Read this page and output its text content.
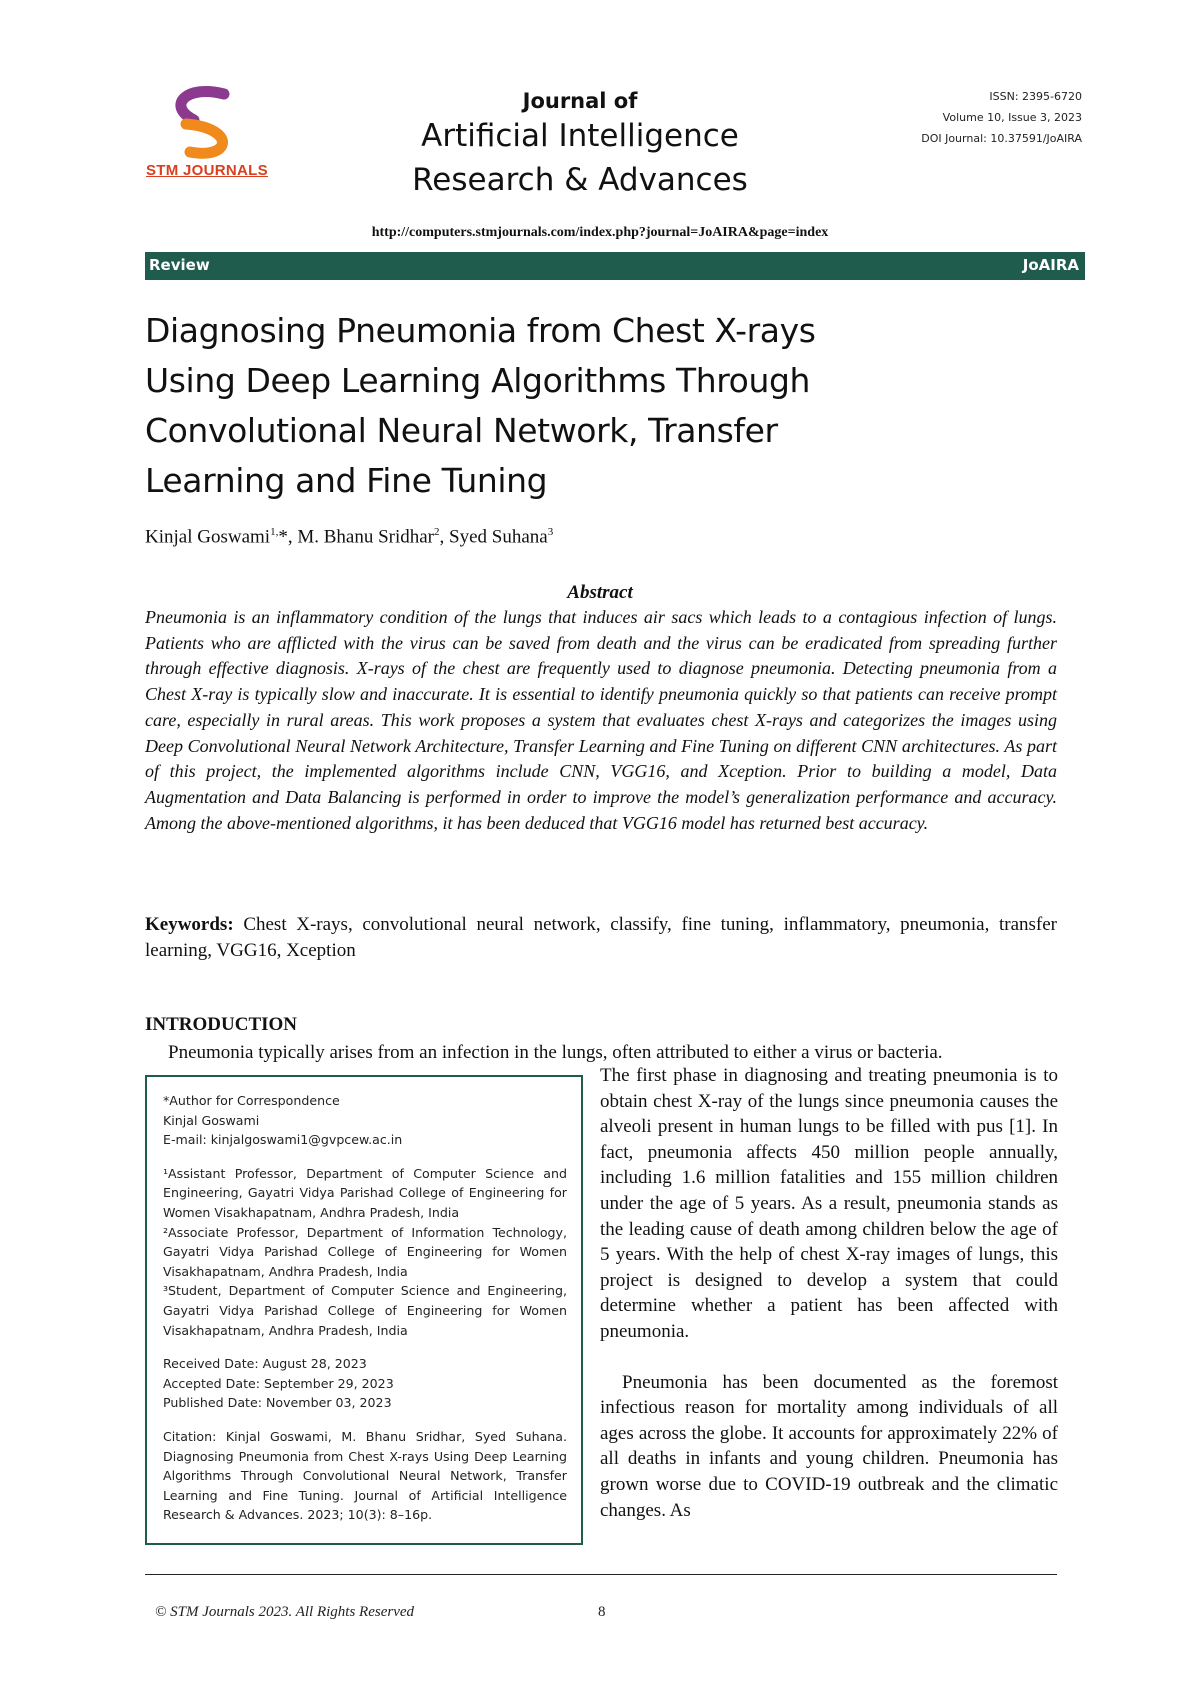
STM JOURNALS
Journal of
Artificial Intelligence
Research & Advances
ISSN: 2395-6720
Volume 10, Issue 3, 2023
DOI Journal: 10.37591/JoAIRA
http://computers.stmjournals.com/index.php?journal=JoAIRA&page=index
Review	JoAIRA
Diagnosing Pneumonia from Chest X-rays Using Deep Learning Algorithms Through Convolutional Neural Network, Transfer Learning and Fine Tuning
Kinjal Goswami$^{1,}$*, M. Bhanu Sridhar$^2$, Syed Suhana$^3$
Abstract
Pneumonia is an inflammatory condition of the lungs that induces air sacs which leads to a contagious infection of lungs. Patients who are afflicted with the virus can be saved from death and the virus can be eradicated from spreading further through effective diagnosis. X-rays of the chest are frequently used to diagnose pneumonia. Detecting pneumonia from a Chest X-ray is typically slow and inaccurate. It is essential to identify pneumonia quickly so that patients can receive prompt care, especially in rural areas. This work proposes a system that evaluates chest X-rays and categorizes the images using Deep Convolutional Neural Network Architecture, Transfer Learning and Fine Tuning on different CNN architectures. As part of this project, the implemented algorithms include CNN, VGG16, and Xception. Prior to building a model, Data Augmentation and Data Balancing is performed in order to improve the model’s generalization performance and accuracy. Among the above-mentioned algorithms, it has been deduced that VGG16 model has returned best accuracy.
Keywords: Chest X-rays, convolutional neural network, classify, fine tuning, inflammatory, pneumonia, transfer learning, VGG16, Xception
INTRODUCTION
Pneumonia typically arises from an infection in the lungs, often attributed to either a virus or bacteria.

*Author for Correspondence

Kinjal Goswami

E-mail: kinjalgoswami1@gvpcew.ac.in

¹Assistant Professor, Department of Computer Science and Engineering, Gayatri Vidya Parishad College of Engineering for Women Visakhapatnam, Andhra Pradesh, India

²Associate Professor, Department of Information Technology, Gayatri Vidya Parishad College of Engineering for Women Visakhapatnam, Andhra Pradesh, India

³Student, Department of Computer Science and Engineering, Gayatri Vidya Parishad College of Engineering for Women Visakhapatnam, Andhra Pradesh, India

Received Date: August 28, 2023

Accepted Date: September 29, 2023

Published Date: November 03, 2023

Citation: Kinjal Goswami, M. Bhanu Sridhar, Syed Suhana. Diagnosing Pneumonia from Chest X-rays Using Deep Learning Algorithms Through Convolutional Neural Network, Transfer Learning and Fine Tuning. Journal of Artificial Intelligence Research & Advances. 2023; 10(3): 8–16p.

The first phase in diagnosing and treating pneumonia is to obtain chest X-ray of the lungs since pneumonia causes the alveoli present in human lungs to be filled with pus [1]. In fact, pneumonia affects 450 million people annually, including 1.6 million fatalities and 155 million children under the age of 5 years. As a result, pneumonia stands as the leading cause of death among children below the age of 5 years. With the help of chest X-ray images of lungs, this project is designed to develop a system that could determine whether a patient has been affected with pneumonia.

Pneumonia has been documented as the foremost infectious reason for mortality among individuals of all ages across the globe. It accounts for approximately 22% of all deaths in infants and young children. Pneumonia has grown worse due to COVID-19 outbreak and the climatic changes. As

© STM Journals 2023. All Rights Reserved	8
